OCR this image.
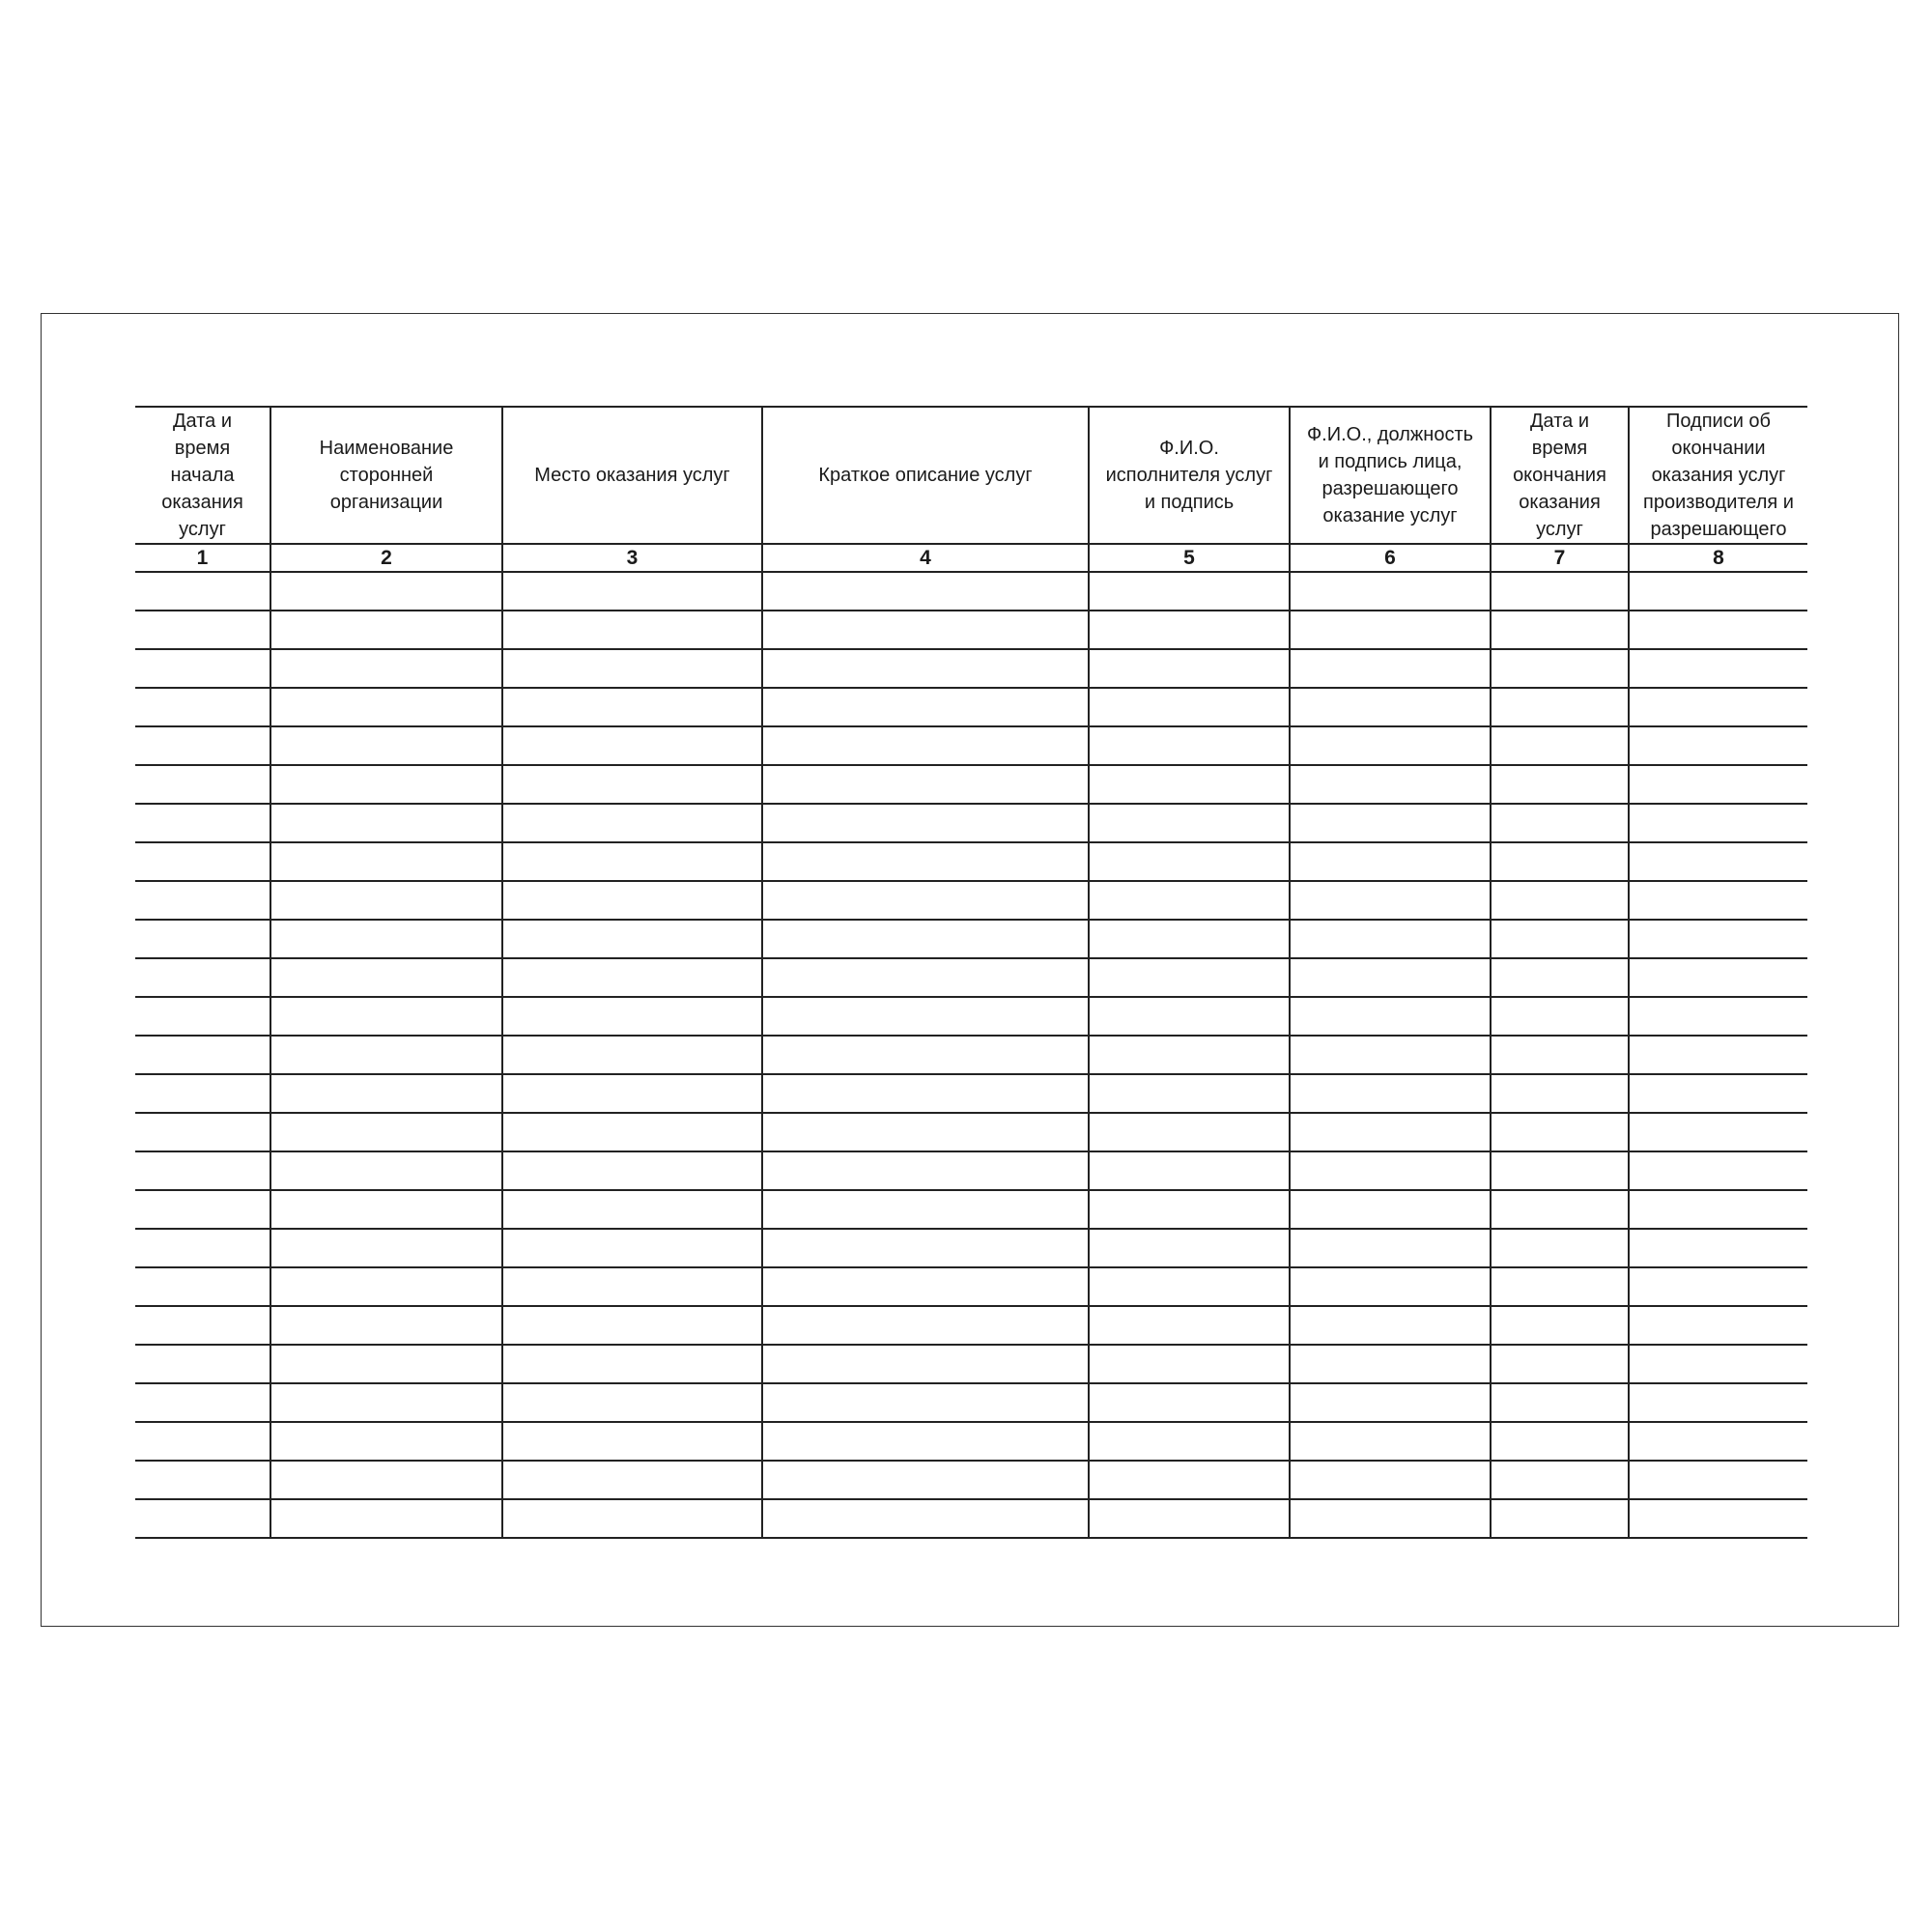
Дата и
время
начала
оказания
услуг	Наименование
сторонней
организации	Место оказания услуг	Краткое описание услуг	Ф.И.О.
исполнителя услуг
и подпись	Ф.И.О., должность
и подпись лица,
разрешающего
оказание услуг	Дата и
время
окончания
оказания
услуг	Подписи об
окончании
оказания услуг
производителя и
разрешающего
1	2	3	4	5	6	7	8
